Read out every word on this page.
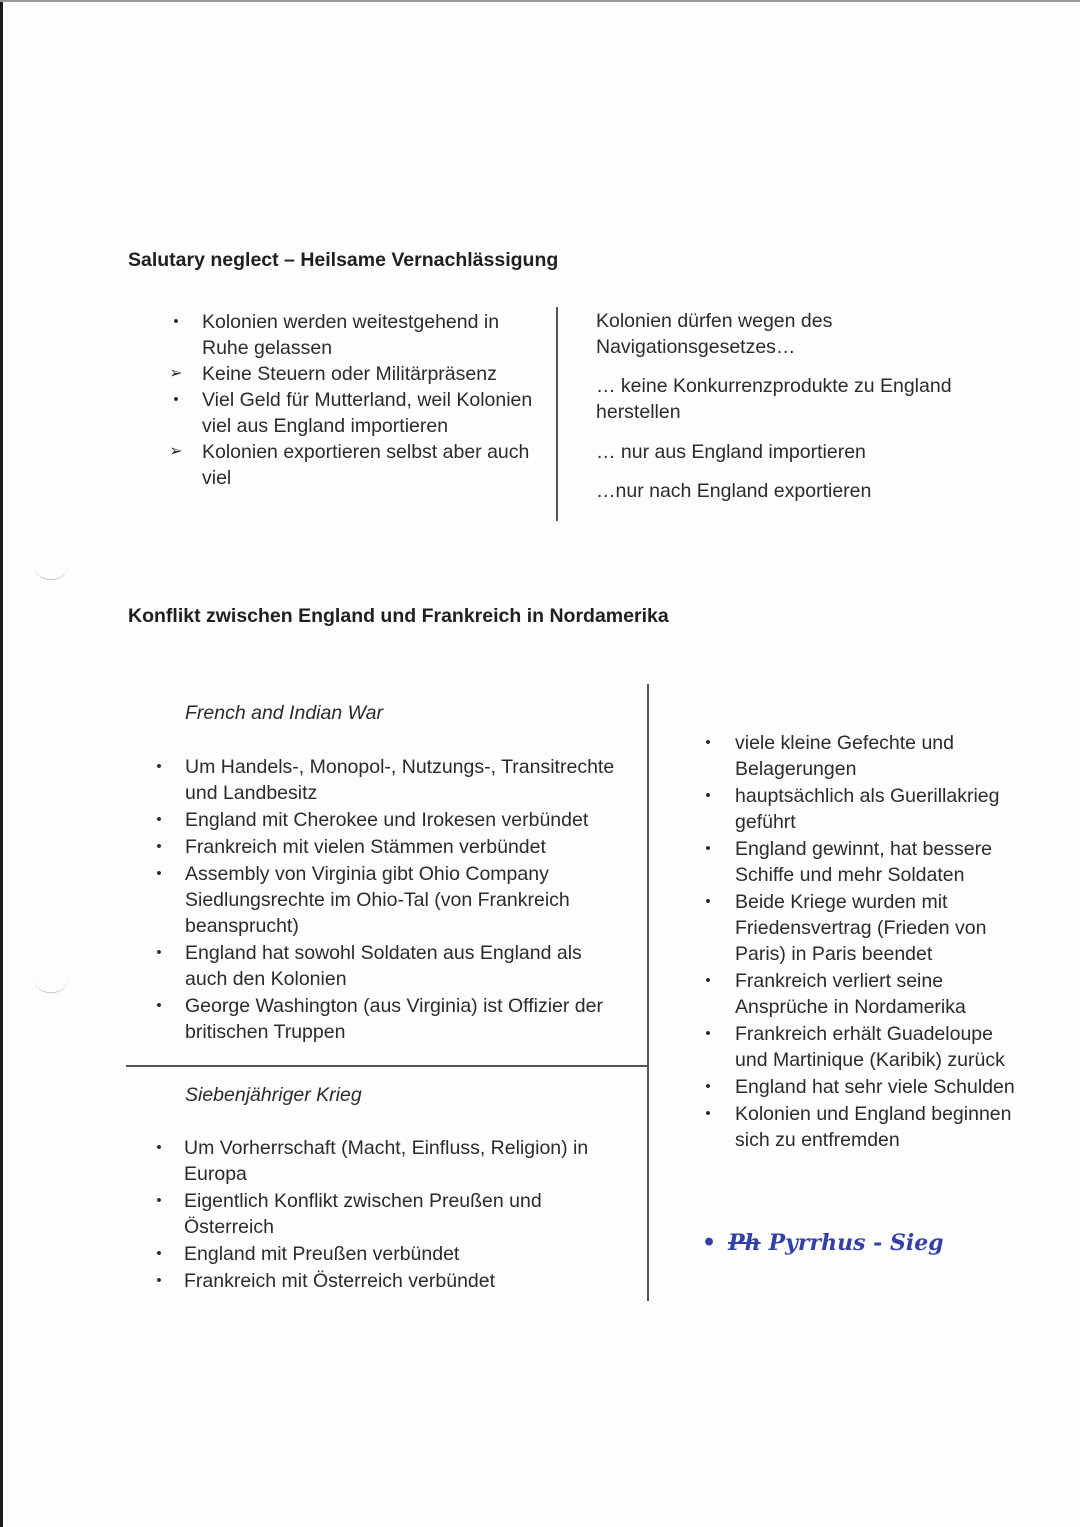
Salutary neglect – Heilsame Vernachlässigung
•	Kolonien werden weitestgehend in Ruhe gelassen
➢ Keine Steuern oder Militärpräsenz
•	Viel Geld für Mutterland, weil Kolonien viel aus England importieren
➢ Kolonien exportieren selbst aber auch viel
Kolonien dürfen wegen des Navigationsgesetzes…
… keine Konkurrenzprodukte zu England herstellen
… nur aus England importieren
…nur nach England exportieren
Konflikt zwischen England und Frankreich in Nordamerika
French and Indian War
•	Um Handels-, Monopol-, Nutzungs-, Transitrechte und Landbesitz
•	England mit Cherokee und Irokesen verbündet
•	Frankreich mit vielen Stämmen verbündet
•	Assembly von Virginia gibt Ohio Company Siedlungsrechte im Ohio-Tal (von Frankreich beansprucht)
•	England hat sowohl Soldaten aus England als auch den Kolonien
•	George Washington (aus Virginia) ist Offizier der britischen Truppen
Siebenjähriger Krieg
•	Um Vorherrschaft (Macht, Einfluss, Religion) in Europa
•	Eigentlich Konflikt zwischen Preußen und Österreich
•	England mit Preußen verbündet
•	Frankreich mit Österreich verbündet
•	viele kleine Gefechte und Belagerungen
•	hauptsächlich als Guerillakrieg geführt
•	England gewinnt, hat bessere Schiffe und mehr Soldaten
•	Beide Kriege wurden mit Friedensvertrag (Frieden von Paris) in Paris beendet
•	Frankreich verliert seine Ansprüche in Nordamerika
•	Frankreich erhält Guadeloupe und Martinique (Karibik) zurück
•	England hat sehr viele Schulden
•	Kolonien und England beginnen sich zu entfremden
• Ph Pyrrhus - Sieg
